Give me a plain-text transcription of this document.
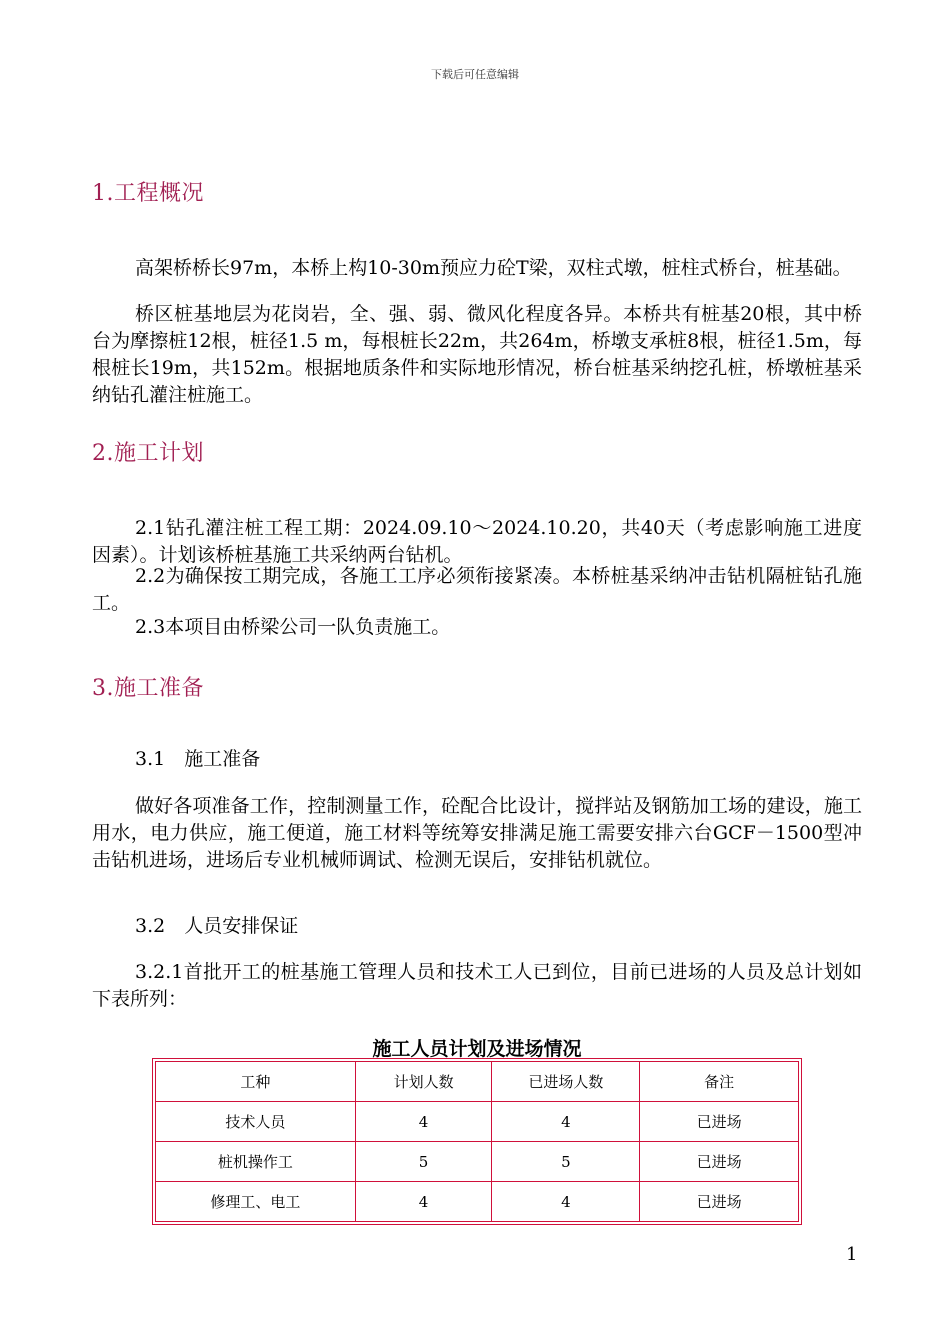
下载后可任意编辑
1.工程概况
高架桥桥长97m，本桥上构10-30m预应力砼T梁，双柱式墩，桩柱式桥台，桩基础。
桥区桩基地层为花岗岩，全、强、弱、微风化程度各异。本桥共有桩基20根，其中桥台为摩擦桩12根，桩径1.5 m，每根桩长22m，共264m，桥墩支承桩8根，桩径1.5m，每根桩长19m，共152m。根据地质条件和实际地形情况，桥台桩基采纳挖孔桩，桥墩桩基采纳钻孔灌注桩施工。
2.施工计划
2.1钻孔灌注桩工程工期：2024.09.10～2024.10.20，共40天（考虑影响施工进度因素）。计划该桥桩基施工共采纳两台钻机。
2.2为确保按工期完成，各施工工序必须衔接紧凑。本桥桩基采纳冲击钻机隔桩钻孔施工。
2.3本项目由桥梁公司一队负责施工。
3.施工准备
3.1　施工准备
做好各项准备工作，控制测量工作，砼配合比设计，搅拌站及钢筋加工场的建设，施工用水，电力供应，施工便道，施工材料等统筹安排满足施工需要安排六台GCF－1500型冲击钻机进场，进场后专业机械师调试、检测无误后，安排钻机就位。
3.2　人员安排保证
3.2.1首批开工的桩基施工管理人员和技术工人已到位，目前已进场的人员及总计划如下表所列：
施工人员计划及进场情况
工种	计划人数	已进场人数	备注
技术人员	4	4	已进场
桩机操作工	5	5	已进场
修理工、电工	4	4	已进场
1
